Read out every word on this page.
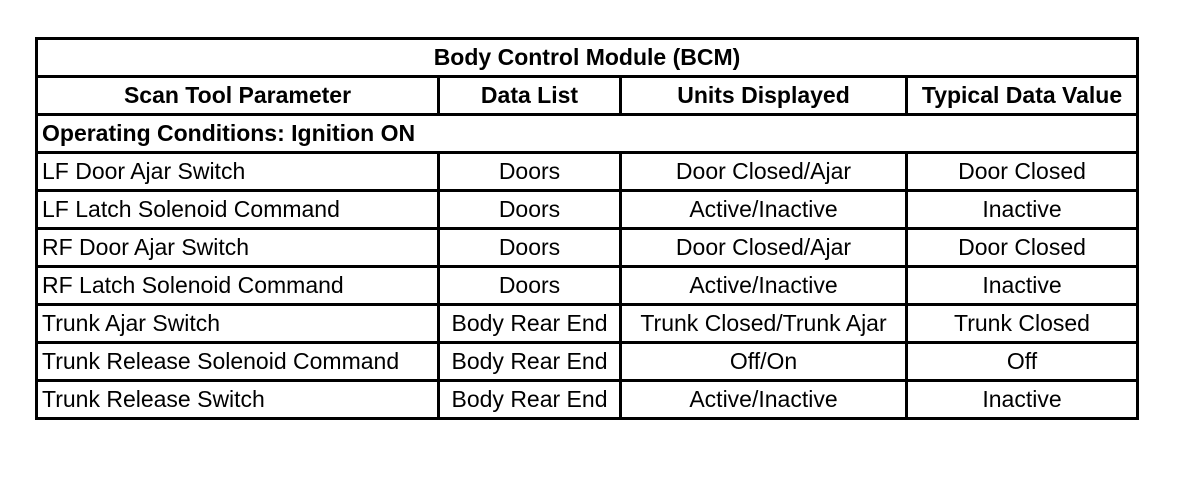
Body Control Module (BCM)			
Scan Tool Parameter	Data List	Units Displayed	Typical Data Value
Operating Conditions: Ignition ON			
LF Door Ajar Switch	Doors	Door Closed/Ajar	Door Closed
LF Latch Solenoid Command	Doors	Active/Inactive	Inactive
RF Door Ajar Switch	Doors	Door Closed/Ajar	Door Closed
RF Latch Solenoid Command	Doors	Active/Inactive	Inactive
Trunk Ajar Switch	Body Rear End	Trunk Closed/Trunk Ajar	Trunk Closed
Trunk Release Solenoid Command	Body Rear End	Off/On	Off
Trunk Release Switch	Body Rear End	Active/Inactive	Inactive
